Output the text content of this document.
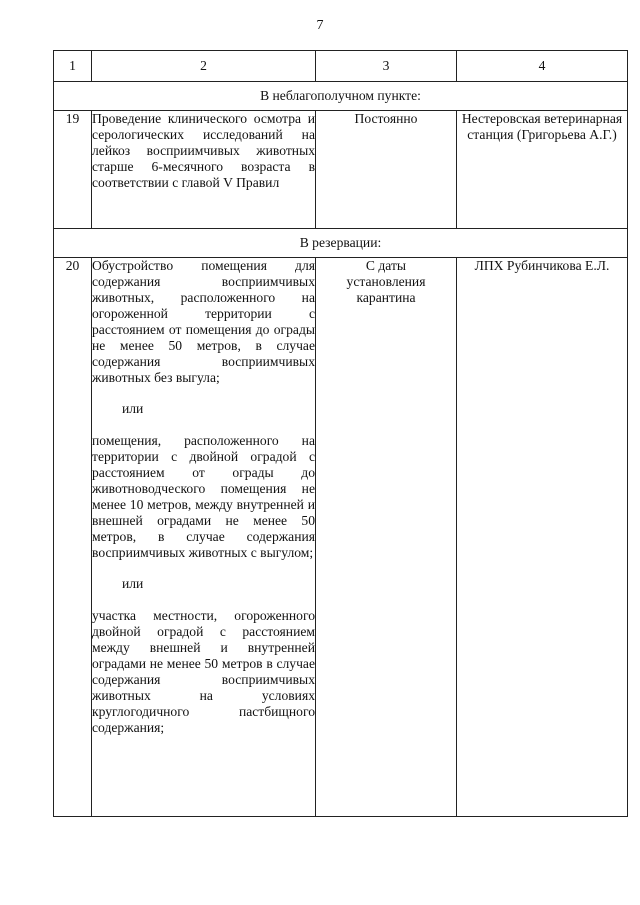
7
1	2	3	4
В неблагополучном пункте:			
19	Проведение клинического осмотра и серологических исследований на лейкоз восприимчивых животных старше 6-месячного возраста в соответствии с главой V Правил	Постоянно	Нестеровская ветеринарная станция (Григорьева А.Г.)

В резервации:			
20	Обустройство помещения для содержания восприимчивых животных, расположенного на огороженной территории с расстоянием от помещения до ограды не менее 50 метров, в случае содержания восприимчивых животных без выгула;

или

помещения, расположенного на территории с двойной оградой с расстоянием от ограды до животноводческого помещения не менее 10 метров, между внутренней и внешней оградами не менее 50 метров, в случае содержания восприимчивых животных с выгулом;

или

участка местности, огороженного двойной оградой с расстоянием между внешней и внутренней оградами не менее 50 метров в случае содержания восприимчивых животных на условиях круглогодичного пастбищного содержания;	С даты установления карантина	ЛПХ Рубинчикова Е.Л.
